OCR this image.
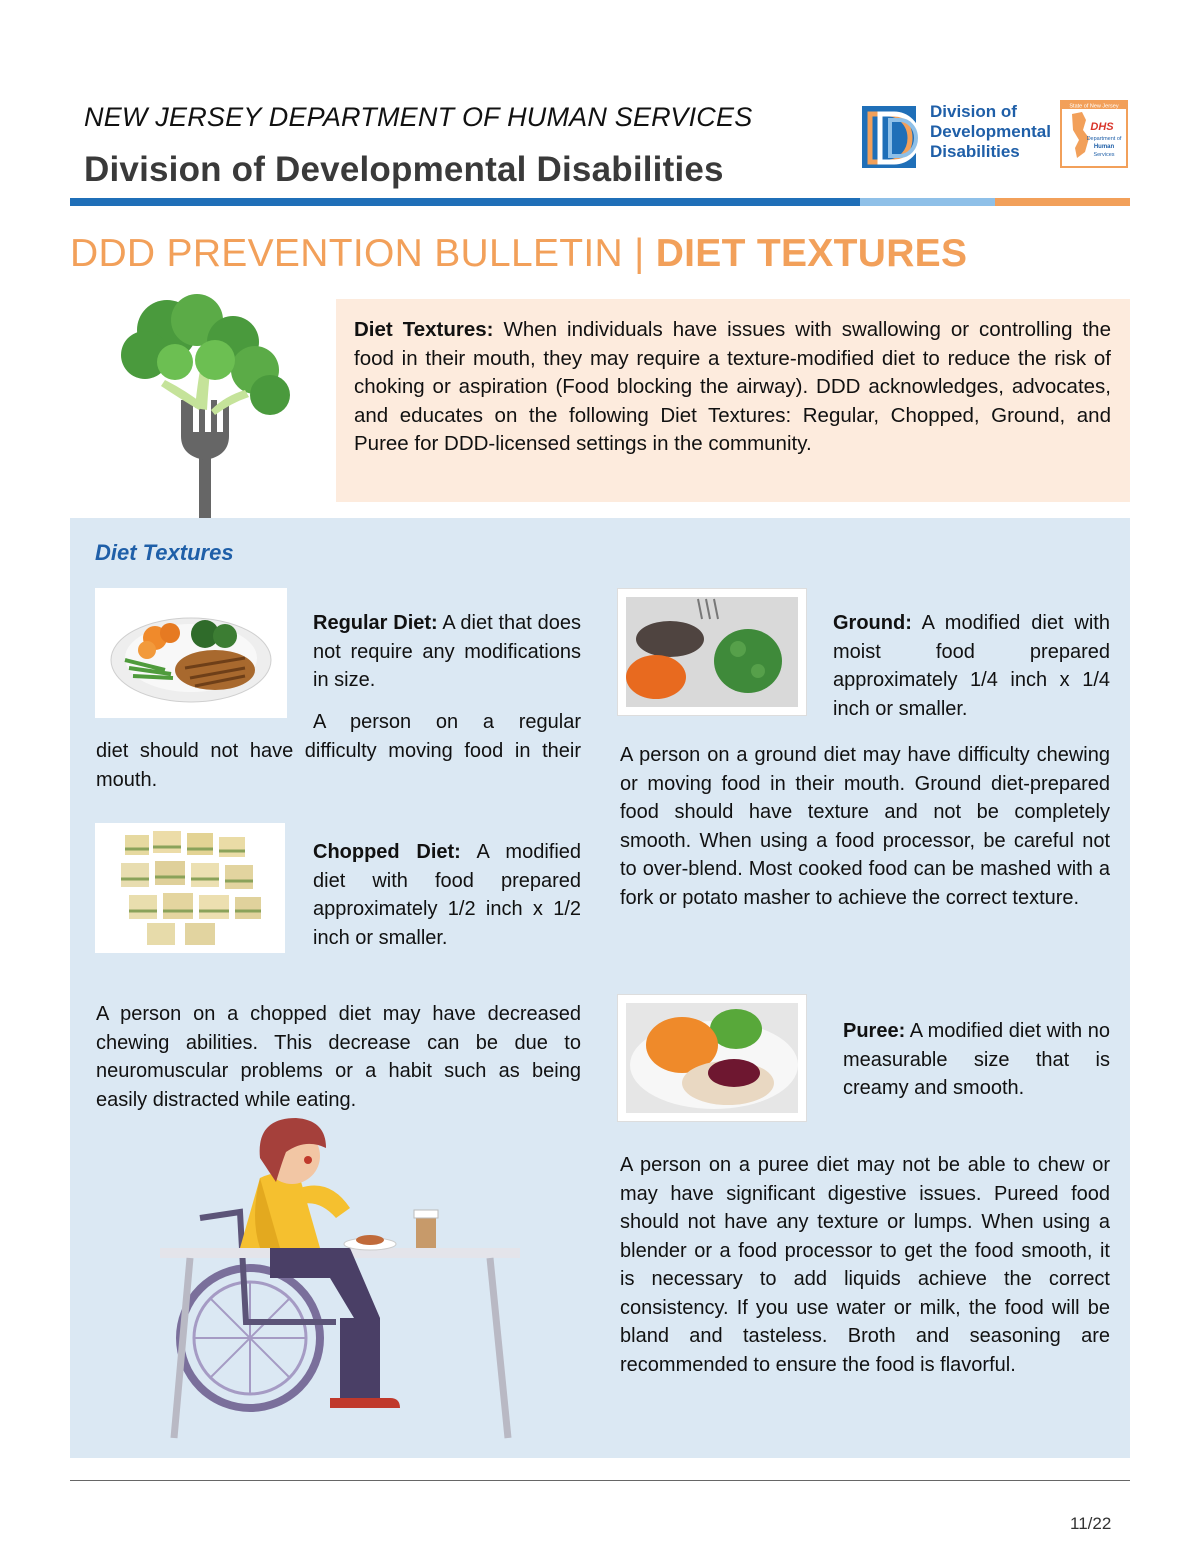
NEW JERSEY DEPARTMENT OF HUMAN SERVICES
Division of Developmental Disabilities
Division of
Developmental
Disabilities
State of New Jersey
DHS
Department of
Human
Services
DDD PREVENTION BULLETIN | DIET TEXTURES
Diet Textures: When individuals have issues with swallowing or controlling the food in their mouth, they may require a texture-modified diet to reduce the risk of choking or aspiration (Food blocking the airway). DDD acknowledges, advocates, and educates on the following Diet Textures: Regular, Chopped, Ground, and Puree for DDD-licensed settings in the community.
Diet Textures
Regular Diet: A diet that does not require any modifications in size.
A person on a regular
diet should not have difficulty moving food in their mouth.
Chopped Diet: A modified diet with food prepared approximately 1/2 inch x 1/2 inch or smaller.
A person on a chopped diet may have decreased chewing abilities. This decrease can be due to neuromuscular problems or a habit such as being easily distracted while eating.
Ground: A modified diet with moist food prepared approximately 1/4 inch x 1/4 inch or smaller.
A person on a ground diet may have difficulty chewing or moving food in their mouth. Ground diet-prepared food should have texture and not be completely smooth. When using a food processor, be careful not to over-blend. Most cooked food can be mashed with a fork or potato masher to achieve the correct texture.
Puree: A modified diet with no measurable size that is creamy and smooth.
A person on a puree diet may not be able to chew or may have significant digestive issues. Pureed food should not have any texture or lumps. When using a blender or a food processor to get the food smooth, it is necessary to add liquids achieve the correct consistency. If you use water or milk, the food will be bland and tasteless. Broth and seasoning are recommended to ensure the food is flavorful.
11/22
